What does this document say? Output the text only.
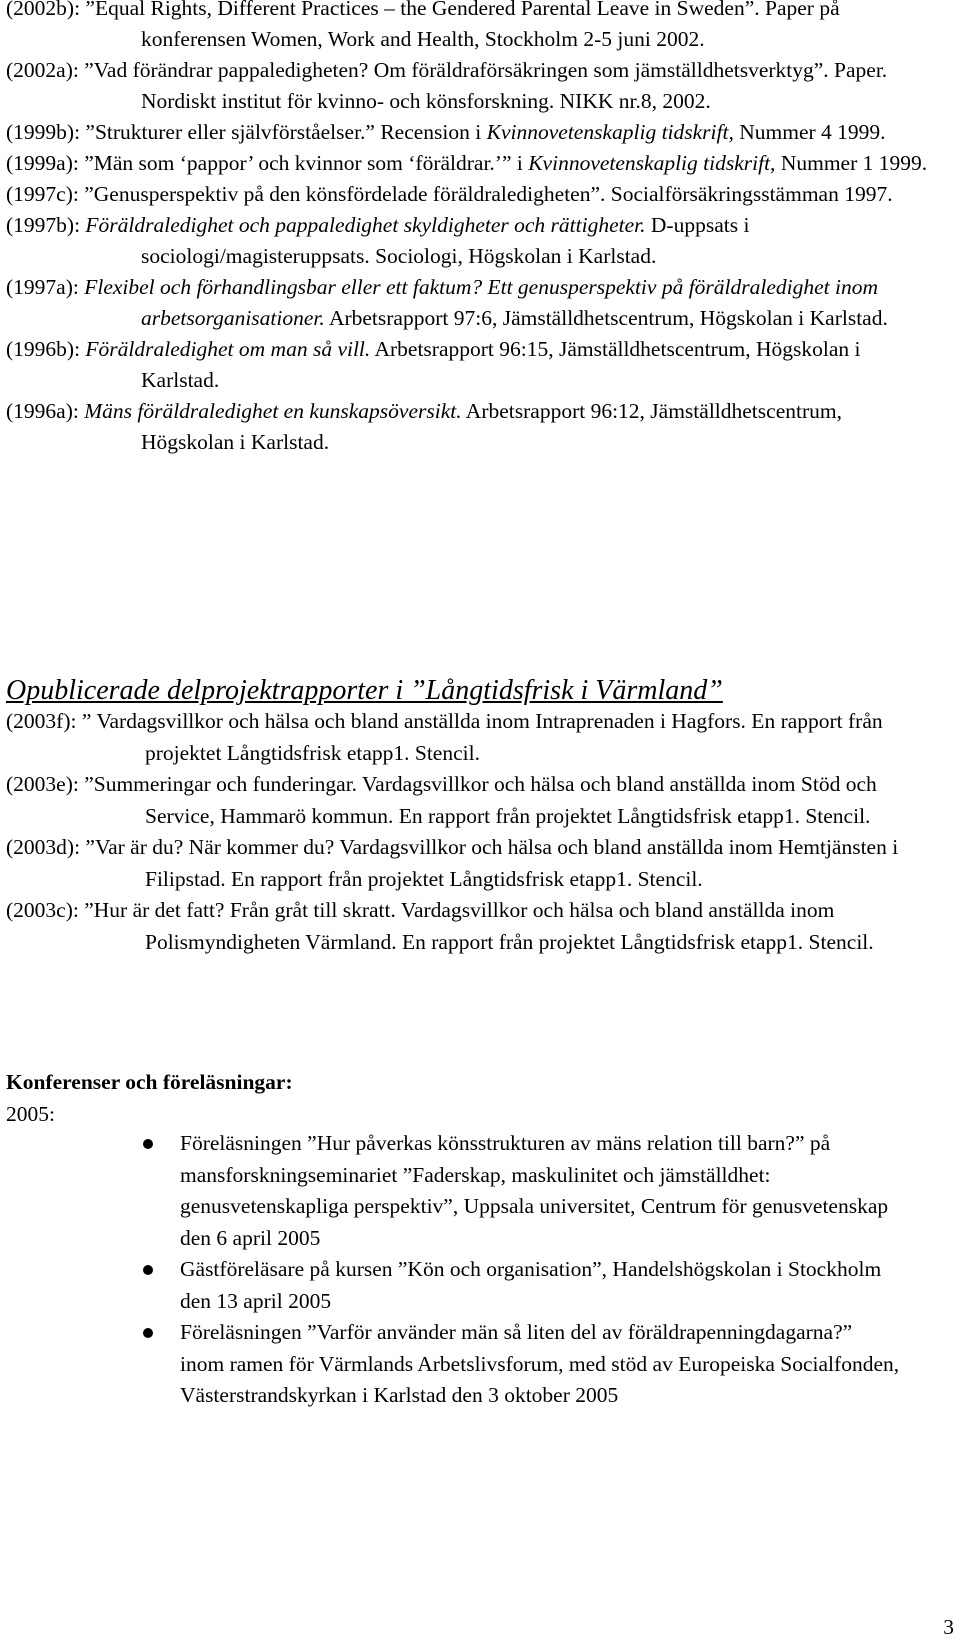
(2002b): ”Equal Rights, Different Practices – the Gendered Parental Leave in Sweden”. Paper på konferensen Women, Work and Health, Stockholm 2-5 juni 2002.

(2002a): ”Vad förändrar pappaledigheten? Om föräldraförsäkringen som jämställdhetsverktyg”. Paper. Nordiskt institut för kvinno- och könsforskning. NIKK nr.8, 2002.

(1999b): ”Strukturer eller självförståelser.” Recension i Kvinnovetenskaplig tidskrift, Nummer 4 1999.

(1999a): ”Män som ‘pappor’ och kvinnor som ‘föräldrar.’” i Kvinnovetenskaplig tidskrift, Nummer 1 1999.

(1997c): ”Genusperspektiv på den könsfördelade föräldraledigheten”. Socialförsäkringsstämman 1997.

(1997b): Föräldraledighet och pappaledighet skyldigheter och rättigheter. D-uppsats i sociologi/magisteruppsats. Sociologi, Högskolan i Karlstad.

(1997a): Flexibel och förhandlingsbar eller ett faktum? Ett genusperspektiv på föräldraledighet inom arbetsorganisationer. Arbetsrapport 97:6, Jämställdhetscentrum, Högskolan i Karlstad.

(1996b): Föräldraledighet om man så vill. Arbetsrapport 96:15, Jämställdhetscentrum, Högskolan i Karlstad.

(1996a): Mäns föräldraledighet en kunskapsöversikt. Arbetsrapport 96:12, Jämställdhetscentrum, Högskolan i Karlstad.

Opublicerade delprojektrapporter i ”Långtidsfrisk i Värmland”

(2003f): ” Vardagsvillkor och hälsa och bland anställda inom Intraprenaden i Hagfors. En rapport från projektet Långtidsfrisk etapp1. Stencil.

(2003e): ”Summeringar och funderingar. Vardagsvillkor och hälsa och bland anställda inom Stöd och Service, Hammarö kommun. En rapport från projektet Långtidsfrisk etapp1. Stencil.

(2003d): ”Var är du? När kommer du? Vardagsvillkor och hälsa och bland anställda inom Hemtjänsten i Filipstad. En rapport från projektet Långtidsfrisk etapp1. Stencil.

(2003c): ”Hur är det fatt? Från gråt till skratt. Vardagsvillkor och hälsa och bland anställda inom Polismyndigheten Värmland. En rapport från projektet Långtidsfrisk etapp1. Stencil.

Konferenser och föreläsningar:
2005:
Föreläsningen ”Hur påverkas könsstrukturen av mäns relation till barn?” på mansforskningseminariet ”Faderskap, maskulinitet och jämställdhet: genusvetenskapliga perspektiv”, Uppsala universitet, Centrum för genusvetenskap den 6 april 2005
Gästföreläsare på kursen ”Kön och organisation”, Handelshögskolan i Stockholm den 13 april 2005
Föreläsningen ”Varför använder män så liten del av föräldrapenningdagarna?” inom ramen för Värmlands Arbetslivsforum, med stöd av Europeiska Socialfonden, Västerstrandskyrkan i Karlstad den 3 oktober 2005
3
